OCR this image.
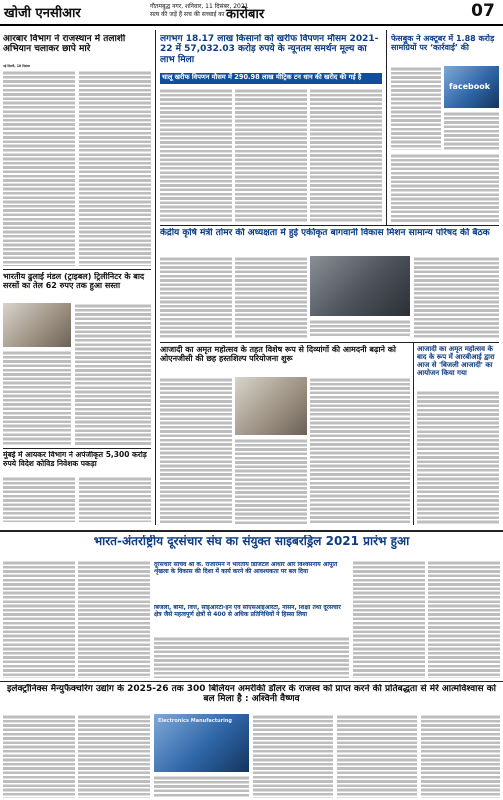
खोजी एनसीआर	गौतमबुद्ध नगर, शनिवार, 11 दिसंबर, 2021
सत्य की जड़ें हैं सच की सच्चाई का कारोबार	07
आरबार विभाग ने राजस्थान में तलाशी अभियान चलाकर छापे मारे
नई दिल्ली, 10 दिसंबर
भारतीय ढुलाई मंडल (ट्राइबल) ट्रिलीनिटर के बाद सरसों का तेल 62 रुपए तक हुआ सस्ता
मुंबई में आयकर विभाग ने अपंजीकृत 5,300 करोड़ रुपये विदेश कोविड निवेशक पकड़ा
लगभग 18.17 लाख किसानों को खरीफ विपणन मौसम 2021-22 में 57,032.03 करोड़ रुपये के न्यूनतम समर्थन मूल्य का लाभ मिला
चालू खरीफ विपणन मौसम में 290.98 लाख मीट्रिक टन धान की खरीद की गई है
फेसबुक ने अक्टूबर में 1.88 करोड़ सामग्रियों पर ‘कार्रवाई’ की
facebook
केंद्रीय कृषि मंत्री तोमर की अध्यक्षता में हुई एकीकृत बागवानी विकास मिशन सामान्य परिषद की बैठक
आजादी का अमृत महोत्सव के तहत विशेष रूप से दिव्यांगों की आमदनी बढ़ाने को ओएनजीसी की छह हस्तशिल्प परियोजना शुरू
आजादी का अमृत महोत्सव के बाद के रूप में आरबीआई द्वारा आज से 'बिजली आजादी' का आयोजन किया गया
भारत-अंतर्राष्ट्रीय दूरसंचार संघ का संयुक्त साइबरड्रिल 2021 प्रारंभ हुआ
दूरसंचार सचिव श्री के. राजारमन ने भारतीय डिजिटल आधार और विश्वसनीय आपूर्ति शृंखला के विकास की दिशा में कार्य करने की आवश्यकता पर बल दिया
बिजली, बीमा, वित्त, सीईआरटी-इन एवं सीएसआईआरटी, नासेन, शिक्षा तथा दूरसंचार क्षेत्र जैसे महत्वपूर्ण क्षेत्रों से 400 से अधिक प्रतिनिधियों ने हिस्सा लिया
इलेक्ट्रॉनिक्स मैन्युफैक्चरिंग उद्योग के 2025-26 तक 300 बिलियन अमरीकी डॉलर के राजस्व को प्राप्त करने की प्रतिबद्धता से मेरे आत्मविश्वास को बल मिला है : अश्विनी वैष्णव
Electronics Manufacturing
